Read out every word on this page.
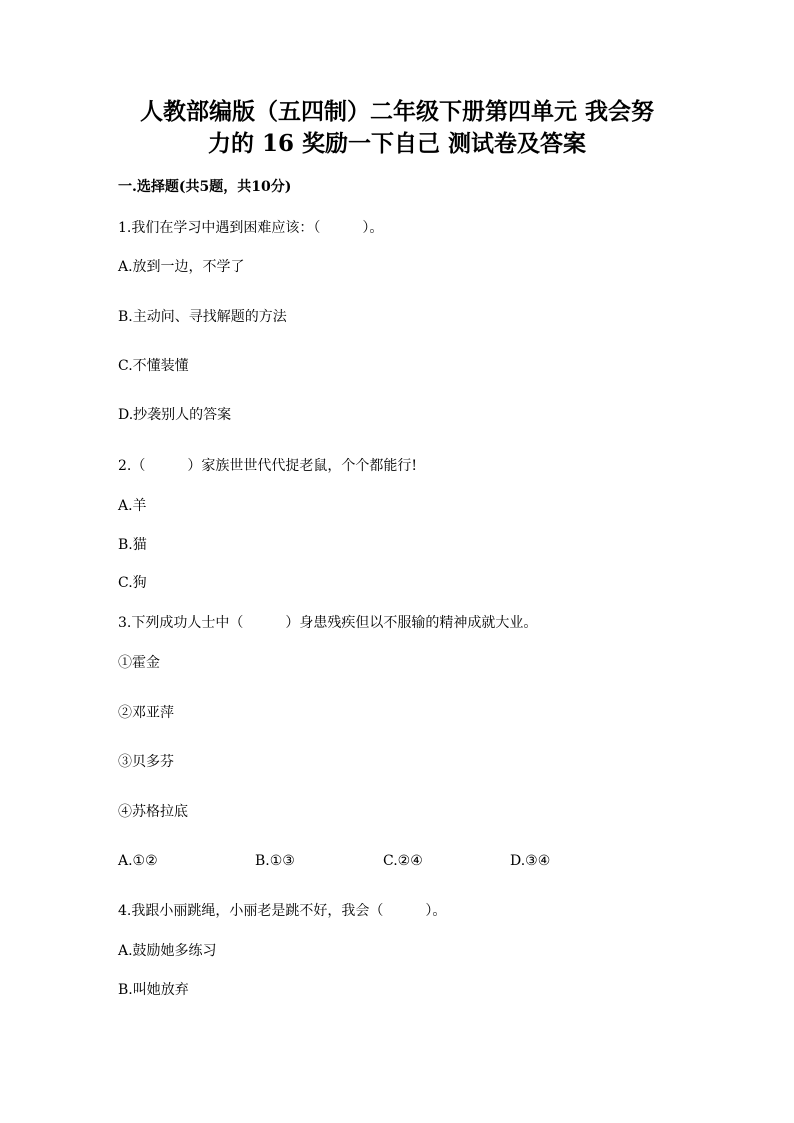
人教部编版（五四制）二年级下册第四单元 我会努
力的 16 奖励一下自己 测试卷及答案
一.选择题(共5题，共10分)
1.我们在学习中遇到困难应该：（　　　）。
A.放到一边，不学了
B.主动问、寻找解题的方法
C.不懂装懂
D.抄袭别人的答案
2.（　　　）家族世世代代捉老鼠，个个都能行!
A.羊
B.猫
C.狗
3.下列成功人士中（　　　）身患残疾但以不服输的精神成就大业。
①霍金
②邓亚萍
③贝多芬
④苏格拉底
A.①②	B.①③	C.②④	D.③④
4.我跟小丽跳绳，小丽老是跳不好，我会（　　　）。
A.鼓励她多练习
B.叫她放弃
